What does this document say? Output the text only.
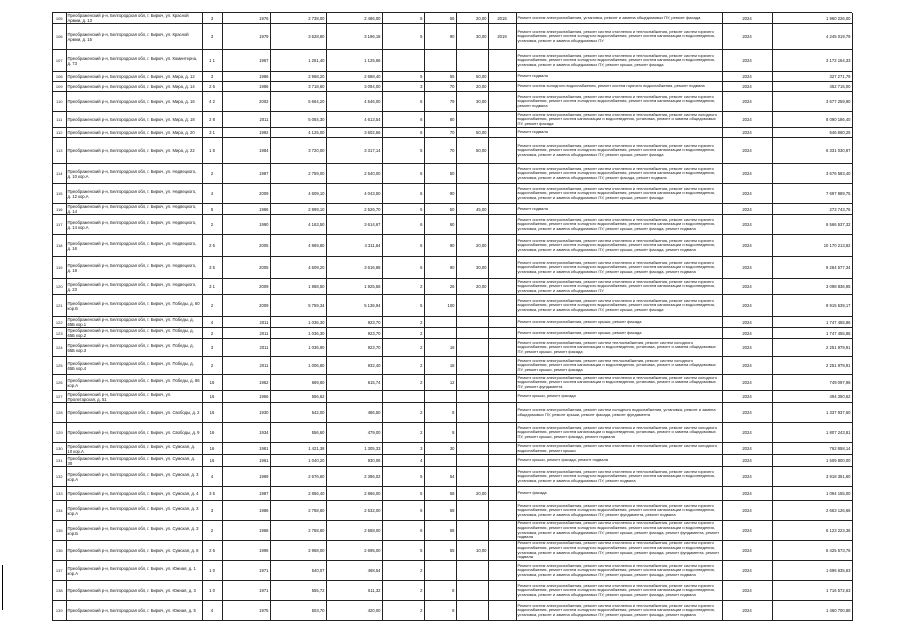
105	Преображенский р-н, Белгородская обл, г. Бирюч, ул. Красной Армии, д. 13	3	1976	2 738,00	2 486,00	5	56	20,00	2018	Ремонт систем электроснабжения, установка, ремонт и замена общедомовых ПУ, ремонт фасада	2024	1 960 226,00
106	Преображенский р-н, Белгородская обл, г. Бирюч, ул. Красной Армии, д. 15	3	1979	3 628,80	3 196,18	5	90	30,00	2019	Ремонт систем электроснабжения, ремонт систем отопления и теплоснабжения, ремонт систем горячего водоснабжения, ремонт систем холодного водоснабжения, ремонт систем канализации и водоотведения, установка, ремонт и замена общедомовых ПУ	2024	4 245 019,79
107	Преображенский р-н, Белгородская обл, г. Бирюч, ул. Коминтерна, д. 73	1 1	1967	1 261,40	1 125,66					Ремонт систем электроснабжения, ремонт систем отопления и теплоснабжения, ремонт систем горячего водоснабжения, ремонт систем холодного водоснабжения, ремонт систем канализации и водоотведения, установка, ремонт и замена общедомовых ПУ, ремонт крыши, ремонт фасада	2024	3 172 164,33
108	Преображенский р-н, Белгородская обл, г. Бирюч, ул. Мира, д. 12	3	1986	2 968,20	2 688,40	5	55	50,00		Ремонт подвала	2024	327 271,79
109	Преображенский р-н, Белгородская обл, г. Бирюч, ул. Мира, д. 14	2 5	1986	3 718,60	3 094,00	3	70	20,00		Ремонт систем холодного водоснабжения, ремонт систем горячего водоснабжения, ремонт подвала	2024	452 715,00
110	Преображенский р-н, Белгородская обл, г. Бирюч, ул. Мира, д. 16	4 2	2002	5 664,20	4 546,00	6	79	30,00		Ремонт систем электроснабжения, ремонт систем отопления и теплоснабжения, ремонт систем горячего водоснабжения, ремонт систем холодного водоснабжения, ремонт систем канализации и водоотведения, ремонт подвала	2024	3 677 259,90
111	Преображенский р-н, Белгородская обл, г. Бирюч, ул. Мира, д. 18	2 8	2011	5 084,30	4 613,54	6	80			Ремонт систем электроснабжения, ремонт систем отопления и теплоснабжения, ремонт систем холодного водоснабжения, ремонт систем канализации и водоотведения, установка, ремонт и замена общедомовых ПУ, ремонт фасада	2024	8 090 186,40
112	Преображенский р-н, Белгородская обл, г. Бирюч, ул. Мира, д. 20	3 1	1992	4 125,00	3 602,56	6	70	50,00		Ремонт подвала	2024	546 860,25
113	Преображенский р-н, Белгородская обл, г. Бирюч, ул. Мира, д. 22	1 5	1984	3 720,00	3 317,14	5	70	50,00		Ремонт систем электроснабжения, ремонт систем отопления и теплоснабжения, ремонт систем горячего водоснабжения, ремонт систем холодного водоснабжения, ремонт систем канализации и водоотведения, установка, ремонт и замена общедомовых ПУ, ремонт крыши, ремонт фасада	2024	6 331 030,87
114	Преображенский р-н, Белгородская обл, г. Бирюч, ул. Недвецкого, д. 10 кор.А	2	1987	2 759,00	2 540,00	6	50			Ремонт систем электроснабжения, ремонт систем отопления и теплоснабжения, ремонт систем горячего водоснабжения, ремонт систем холодного водоснабжения, ремонт систем канализации и водоотведения, установка, ремонт и замена общедомовых ПУ, ремонт фасада, ремонт подвала	2024	3 676 583,40
115	Преображенский р-н, Белгородская обл, г. Бирюч, ул. Недвецкого, д. 12 кор.А	4	2009	4 609,10	4 043,50	6	90			Ремонт систем электроснабжения, ремонт систем отопления и теплоснабжения, ремонт систем горячего водоснабжения, ремонт систем холодного водоснабжения, ремонт систем канализации и водоотведения, установка, ремонт и замена общедомовых ПУ, ремонт крыши, ремонт фасада	2024	7 697 989,75
116	Преображенский р-н, Белгородская обл, г. Бирюч, ул. Недвецкого, д. 14	5	1986	2 899,10	2 526,70	5	50	45,00		Ремонт подвала	2024	273 743,76
117	Преображенский р-н, Белгородская обл, г. Бирюч, ул. Недвецкого, д. 14 кор.А	2	1990	4 163,50	3 614,67	6	60			Ремонт систем электроснабжения, ремонт систем отопления и теплоснабжения, ремонт систем горячего водоснабжения, ремонт систем холодного водоснабжения, ремонт систем канализации и водоотведения, установка, ремонт и замена общедомовых ПУ, ремонт крыши, ремонт фасада, ремонт подвала	2024	6 566 537,32
118	Преображенский р-н, Белгородская обл, г. Бирюч, ул. Недвецкого, д. 16	2 5	2005	4 969,80	4 311,64	6	90	20,00		Ремонт систем электроснабжения, ремонт систем отопления и теплоснабжения, ремонт систем горячего водоснабжения, ремонт систем холодного водоснабжения, ремонт систем канализации и водоотведения, установка, ремонт и замена общедомовых ПУ, ремонт крыши, ремонт фасада, ремонт подвала	2024	10 170 213,82
119	Преображенский р-н, Белгородская обл, г. Бирюч, ул. Недвецкого, д. 18	3 5	2005	4 609,20	3 616,88	6	90	30,00		Ремонт систем электроснабжения, ремонт систем отопления и теплоснабжения, ремонт систем горячего водоснабжения, ремонт систем холодного водоснабжения, ремонт систем канализации и водоотведения, установка, ремонт и замена общедомовых ПУ, ремонт крыши, ремонт фасада, ремонт подвала	2024	9 284 577,34
120	Преображенский р-н, Белгородская обл, г. Бирюч, ул. Недвецкого, д. 23	3 1	2009	1 988,50	1 925,56	2	26	20,00		Ремонт систем электроснабжения, ремонт систем отопления и теплоснабжения, ремонт систем горячего водоснабжения, ремонт систем холодного водоснабжения, ремонт систем канализации и водоотведения, установка, ремонт и замена общедомовых ПУ	2024	3 098 836,95
121	Преображенский р-н, Белгородская обл, г. Бирюч, ул. Победы, д. 60 кор.Б	2	2009	5 759,34	5 136,94	5	100			Ремонт систем электроснабжения, ремонт систем отопления и теплоснабжения, ремонт систем горячего водоснабжения, ремонт систем холодного водоснабжения, ремонт систем канализации и водоотведения, установка, ремонт и замена общедомовых ПУ, ремонт крыши, ремонт фасада	2024	8 915 539,17
122	Преображенский р-н, Белгородская обл, г. Бирюч, ул. Победы, д. 65Б кор.1	4	2011	1 036,30	923,70	2				Ремонт систем электроснабжения, ремонт крыши, ремонт фасада	2024	1 747 455,86
123	Преображенский р-н, Белгородская обл, г. Бирюч, ул. Победы, д. 65Б кор.2	2	2011	1 036,30	923,70	2				Ремонт систем электроснабжения, ремонт крыши, ремонт фасада	2024	1 747 455,86
124	Преображенский р-н, Белгородская обл, г. Бирюч, ул. Победы, д. 65Б кор.3	3	2011	1 036,90	923,70	2	16			Ремонт систем электроснабжения, ремонт систем теплоснабжения, ремонт систем холодного водоснабжения, ремонт систем канализации и водоотведения, установка, ремонт и замена общедомовых ПУ, ремонт крыши, ремонт фасада	2024	2 251 979,91
125	Преображенский р-н, Белгородская обл, г. Бирюч, ул. Победы, д. 65Б кор.4	2	2011	1 006,80	932,40	2	18			Ремонт систем электроснабжения, ремонт систем теплоснабжения, ремонт систем холодного водоснабжения, ремонт систем канализации и водоотведения, установка, ремонт и замена общедомовых ПУ, ремонт крыши, ремонт фасада	2024	2 251 979,91
126	Преображенский р-н, Белгородская обл, г. Бирюч, ул. Победы, д. 86 кор.А	16	1962	669,60	615,74	2	12			Ремонт систем электроснабжения, ремонт систем отопления и теплоснабжения, ремонт систем холодного водоснабжения, ремонт систем канализации и водоотведения, установка, ремонт и замена общедомовых ПУ, ремонт фундамента	2024	749 097,96
127	Преображенский р-н, Белгородская обл, г. Бирюч, ул. Пролетарская, д. 51	16	1956	556,62						Ремонт крыши, ремонт фасада	2024	494 350,62
128	Преображенский р-н, Белгородская обл, г. Бирюч, ул. Свободы, д. 2	16	1930	542,00	486,50	2	8			Ремонт систем электроснабжения, ремонт систем холодного водоснабжения, установка, ремонт и замена общедомовых ПУ, ремонт крыши, ремонт фасада, ремонт фундамента	2024	1 337 937,60
129	Преображенский р-н, Белгородская обл, г. Бирюч, ул. Свободы, д. 9	16	1934	556,60	479,00	2	8			Ремонт систем электроснабжения, ремонт систем отопления и теплоснабжения, ремонт систем холодного водоснабжения, ремонт систем канализации и водоотведения, установка, ремонт и замена общедомовых ПУ, ремонт крыши, ремонт фасада, ремонт подвала	2024	1 807 243,81
130	Преображенский р-н, Белгородская обл, г. Бирюч, ул. Сумская, д. 10 кор.А	16	1981	1 421,38	1 305,33	3	30			Ремонт систем электроснабжения, ремонт систем отопления и теплоснабжения, ремонт систем холодного водоснабжения, ремонт крыши	2024	762 858,14
131	Преображенский р-н, Белгородская обл, г. Бирюч, ул. Сумская, д. 30	16	1961	1 040,20	930,06	4				Ремонт крыши, ремонт фасада, ремонт подвала	2024	1 509 800,00
132	Преображенский р-н, Белгородская обл, г. Бирюч, ул. Сумская, д. 3 кор.А	4	1969	2 676,60	2 396,02	5	54			Ремонт систем электроснабжения, ремонт систем отопления и теплоснабжения, ремонт систем горячего водоснабжения, ремонт систем холодного водоснабжения, ремонт систем канализации и водоотведения, установка, ремонт и замена общедомовых ПУ, ремонт подвала	2024	3 918 351,60
133	Преображенский р-н, Белгородская обл, г. Бирюч, ул. Сумская, д. 4	3 5	1987	2 856,40	2 866,00	5	58	20,00		Ремонт фасада	2024	1 094 155,00
134	Преображенский р-н, Белгородская обл, г. Бирюч, ул. Сумская, д. 3 кор.А	3	1986	2 768,60	2 532,00	6	58			Ремонт систем электроснабжения, ремонт систем отопления и теплоснабжения, ремонт систем горячего водоснабжения, ремонт систем холодного водоснабжения, ремонт систем канализации и водоотведения, установка, ремонт и замена общедомовых ПУ, ремонт фундамента, ремонт подвала	2024	2 663 126,66
135	Преображенский р-н, Белгородская обл, г. Бирюч, ул. Сумская, д. 3 кор.Б	2	1968	2 768,60	2 568,00	6	58			Ремонт систем электроснабжения, ремонт систем отопления и теплоснабжения, ремонт систем горячего водоснабжения, ремонт систем холодного водоснабжения, ремонт систем канализации и водоотведения, установка, ремонт и замена общедомовых ПУ, ремонт крыши, ремонт фасада, ремонт фундамента, ремонт подвала	2024	6 123 223,36
136	Преображенский р-н, Белгородская обл, г. Бирюч, ул. Сумская, д. 6	2 5	1996	2 968,00	2 695,00	5	55	10,00		Ремонт систем электроснабжения, ремонт систем отопления и теплоснабжения, ремонт систем горячего водоснабжения, ремонт систем холодного водоснабжения, ремонт систем канализации и водоотведения, установка, ремонт и замена общедомовых ПУ, ремонт крыши, ремонт фасада, ремонт фундамента, ремонт подвала	2024	6 425 573,76
137	Преображенский р-н, Белгородская обл, г. Бирюч, ул. Южная, д. 1 кор.А	1 0	1971	540,07	468,54	2				Ремонт систем электроснабжения, ремонт систем отопления и теплоснабжения, ремонт систем горячего водоснабжения, ремонт систем холодного водоснабжения, ремонт систем канализации и водоотведения, установка, ремонт и замена общедомовых ПУ, ремонт крыши, ремонт фасада, ремонт подвала	2024	1 696 635,63
138	Преображенский р-н, Белгородская обл, г. Бирюч, ул. Южная, д. 3	1 0	1971	555,72	511,32	2	8			Ремонт систем электроснабжения, ремонт систем отопления и теплоснабжения, ремонт систем горячего водоснабжения, ремонт систем холодного водоснабжения, ремонт систем канализации и водоотведения, установка, ремонт и замена общедомовых ПУ, ремонт крыши, ремонт фасада, ремонт подвала	2024	1 716 572,63
139	Преображенский р-н, Белгородская обл, г. Бирюч, ул. Южная, д. 5	4	1975	503,70	420,00	2	8			Ремонт систем электроснабжения, ремонт систем отопления и теплоснабжения, ремонт систем горячего водоснабжения, ремонт систем холодного водоснабжения, ремонт систем канализации и водоотведения, установка, ремонт и замена общедомовых ПУ, ремонт крыши, ремонт фасада, ремонт подвала	2024	1 460 700,88
